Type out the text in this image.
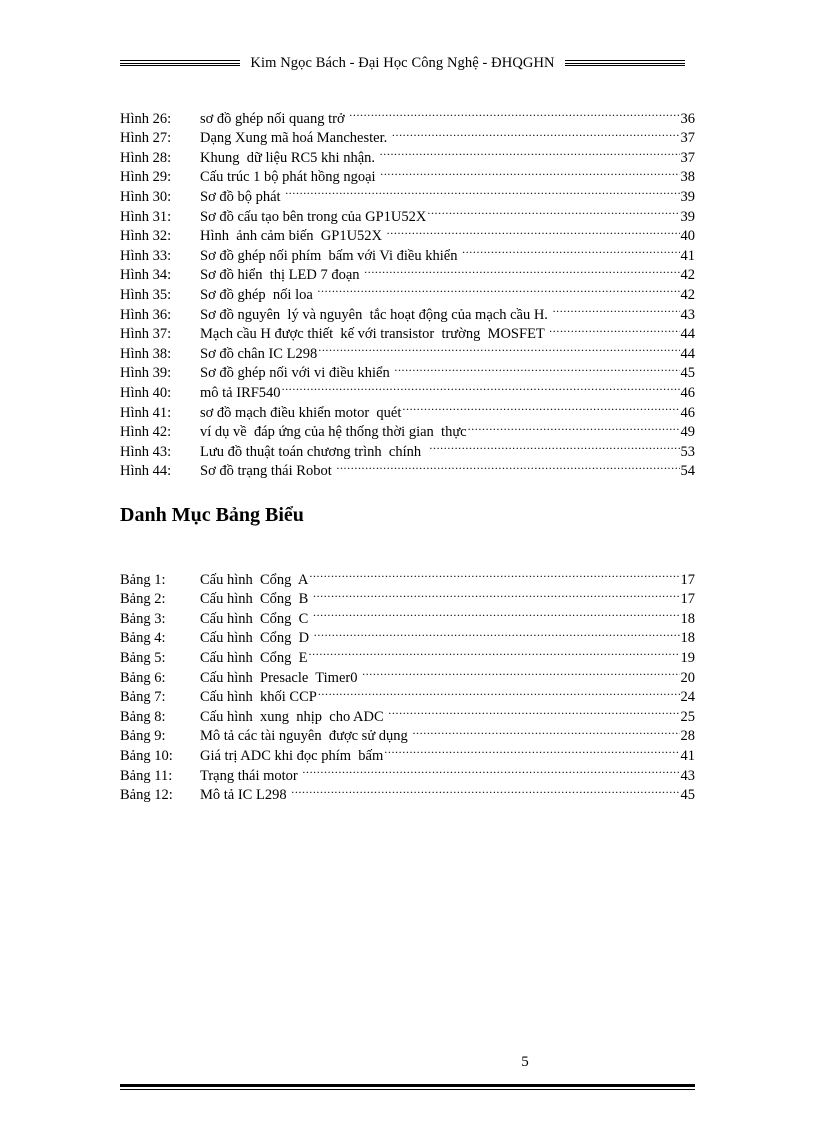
Kim Ngọc Bách - Đại Học Công Nghệ - ĐHQGHN
Hình 26:	sơ đồ ghép nối quang trở .....	36
Hình 27:	Dạng Xung mã hoá Manchester. .....	37
Hình 28:	Khung  dữ liệu RC5 khi nhận. .....	37
Hình 29:	Cấu trúc 1 bộ phát hồng ngoại .....	38
Hình 30:	Sơ đồ bộ phát .....	39
Hình 31:	Sơ đồ cấu tạo bên trong của GP1U52X .....	39
Hình 32:	Hình  ảnh cảm biến  GP1U52X .....	40
Hình 33:	Sơ đồ ghép nối phím  bấm với Vi điều khiển .....	41
Hình 34:	Sơ đồ hiển  thị LED 7 đoạn .....	42
Hình 35:	Sơ đồ ghép  nối loa .....	42
Hình 36:	Sơ đồ nguyên  lý và nguyên  tắc hoạt động của mạch cầu H. .....	43
Hình 37:	Mạch cầu H được thiết  kế với transistor  trường  MOSFET .....	44
Hình 38:	Sơ đồ chân IC L298 .....	44
Hình 39:	Sơ đồ ghép nối với vi điều khiển .....	45
Hình 40:	mô tả IRF540 .....	46
Hình 41:	sơ đồ mạch điều khiển motor  quét .....	46
Hình 42:	ví dụ về  đáp ứng của hệ thống thời gian  thực .....	49
Hình 43:	Lưu đồ thuật toán chương trình  chính .....	53
Hình 44:	Sơ đồ trạng thái Robot .....	54
Danh Mục Bảng Biểu
Bảng 1:	Cấu hình  Cổng  A .....	17
Bảng 2:	Cấu hình  Cổng  B .....	17
Bảng 3:	Cấu hình  Cổng  C .....	18
Bảng 4:	Cấu hình  Cổng  D .....	18
Bảng 5:	Cấu hình  Cổng  E .....	19
Bảng 6:	Cấu hình  Presacle  Timer0 .....	20
Bảng 7:	Cấu hình  khối CCP .....	24
Bảng 8:	Cấu hình  xung  nhịp  cho ADC .....	25
Bảng 9:	Mô tả các tài nguyên  được sử dụng .....	28
Bảng 10:	Giá trị ADC khi đọc phím  bấm .....	41
Bảng 11:	Trạng thái motor .....	43
Bảng 12:	Mô tả IC L298 .....	45
5
